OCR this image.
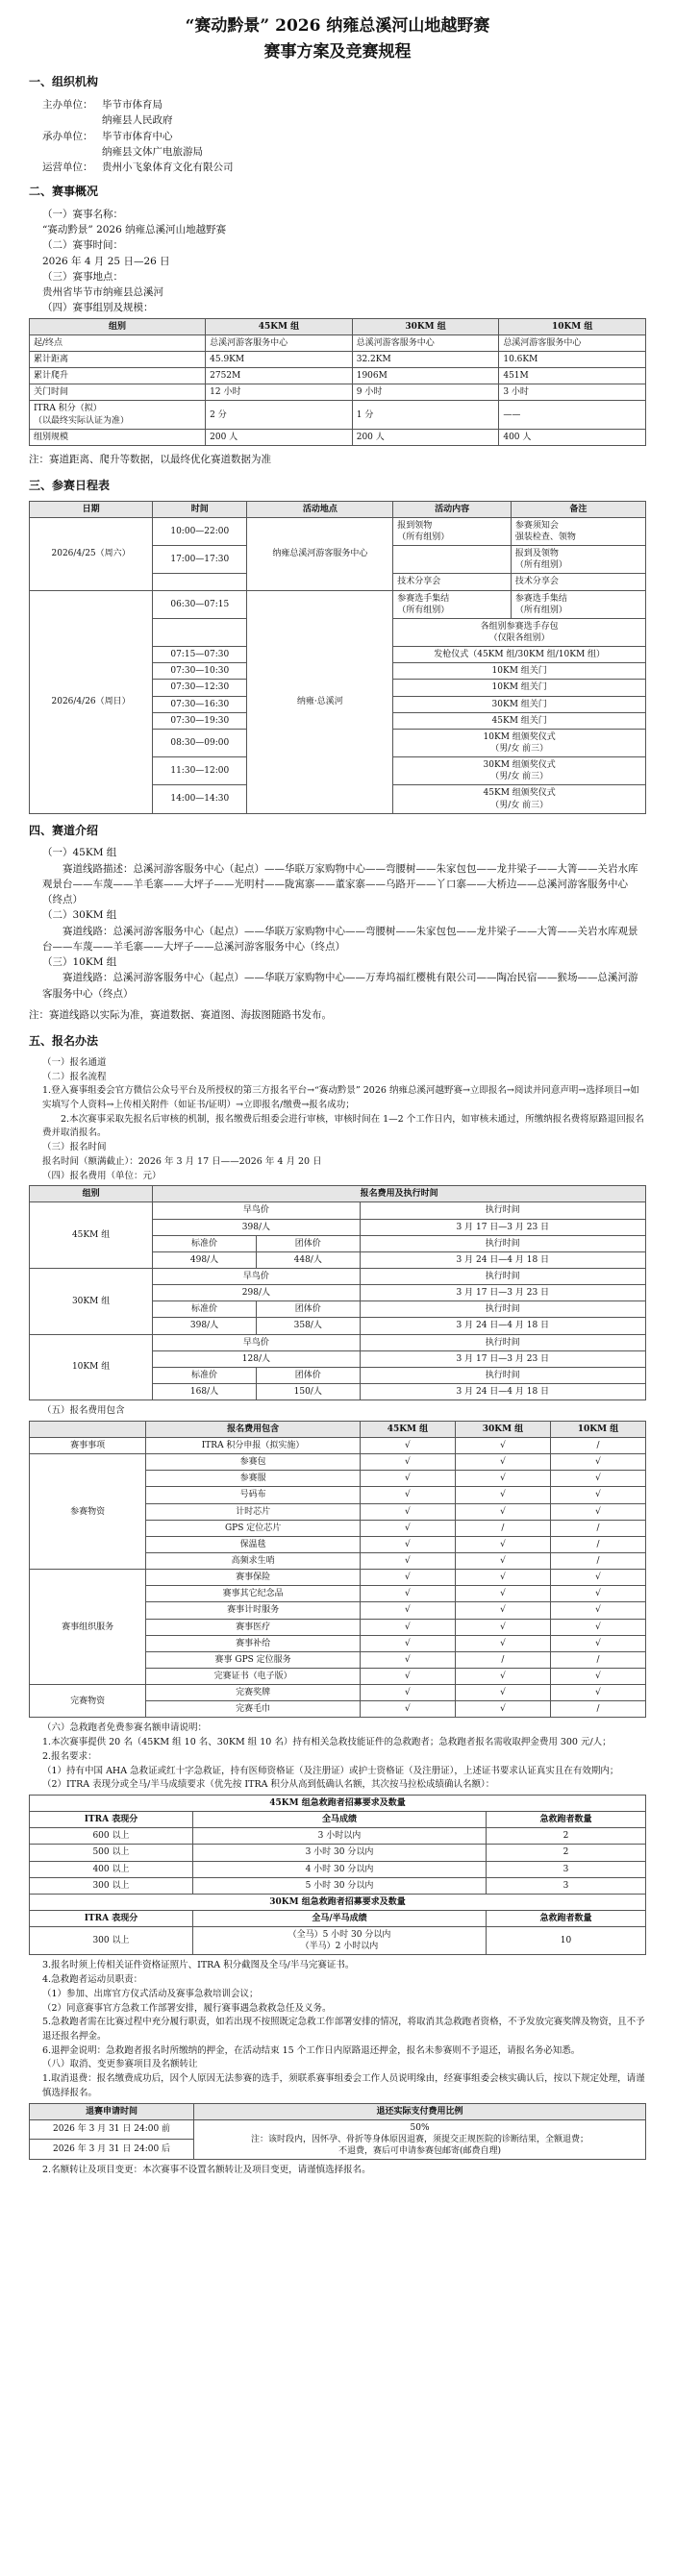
“赛动黔景” 2026 纳雍总溪河山地越野赛
赛事方案及竞赛规程
一、组织机构
主办单位： 毕节市体育局
纳雍县人民政府
承办单位： 毕节市体育中心
纳雍县文体广电旅游局
运营单位： 贵州小飞象体育文化有限公司
二、赛事概况

（一）赛事名称：

“赛动黔景” 2026 纳雍总溪河山地越野赛

（二）赛事时间：

2026 年 4 月 25 日—26 日

（三）赛事地点：

贵州省毕节市纳雍县总溪河

（四）赛事组别及规模：

组别	45KM 组	30KM 组	10KM 组
起/终点	总溪河游客服务中心	总溪河游客服务中心	总溪河游客服务中心
累计距离	45.9KM	32.2KM	10.6KM
累计爬升	2752M	1906M	451M
关门时间	12 小时	9 小时	3 小时
ITRA 积分（拟）
（以最终实际认证为准）	2 分	1 分	——
组别规模	200 人	200 人	400 人

注：赛道距离、爬升等数据，以最终优化赛道数据为准

三、参赛日程表
日期	时间	活动地点	活动内容	备注
2026/4/25（周六）	10:00—22:00	纳雍总溪河游客服务中心	报到领物
（所有组别）	参赛须知会
强装检查、领物
	17:00—17:30			报到及领物
（所有组别）
			技术分享会	技术分享会
2026/4/26（周日）	06:30—07:15	纳雍·总溪河	参赛选手集结
（所有组别）	参赛选手集结
（所有组别）
			各组别参赛选手存包
（仅限各组别）	
	07:15—07:30		发枪仪式（45KM 组/30KM 组/10KM 组）	
	07:30—10:30		10KM 组关门	
	07:30—12:30		10KM 组关门	
	07:30—16:30		30KM 组关门	
	07:30—19:30		45KM 组关门	
	08:30—09:00		10KM 组颁奖仪式
（男/女 前三）	
	11:30—12:00		30KM 组颁奖仪式
（男/女 前三）	
	14:00—14:30		45KM 组颁奖仪式
（男/女 前三）	
四、赛道介绍

（一）45KM 组

赛道线路描述：总溪河游客服务中心（起点）——华联万家购物中心——弯腰树——朱家包包——龙井梁子——大箐——关岩水库观景台——车蔑——羊毛寨——大坪子——光明村——陇寓寨——董家寨——乌路开——丫口寨——大桥边——总溪河游客服务中心（终点）

（二）30KM 组

赛道线路：总溪河游客服务中心（起点）——华联万家购物中心——弯腰树——朱家包包——龙井梁子——大箐——关岩水库观景台——车蔑——羊毛寨——大坪子——总溪河游客服务中心（终点）

（三）10KM 组

赛道线路：总溪河游客服务中心（起点）——华联万家购物中心——万寿坞福红樱桃有限公司——陶冶民宿——猴场——总溪河游客服务中心（终点）

注：赛道线路以实际为准，赛道数据、赛道图、海拔图随路书发布。

五、报名办法

（一）报名通道

（二）报名流程

1.登入赛事组委会官方微信公众号平台及所授权的第三方报名平台→“赛动黔景” 2026 纳雍总溪河越野赛→立即报名→阅读并同意声明→选择项目→如实填写个人资料→上传相关附件（如证书/证明）→立即报名/缴费→报名成功；

2.本次赛事采取先报名后审核的机制，报名缴费后组委会进行审核，审核时间在 1—2 个工作日内，如审核未通过，所缴纳报名费将原路退回报名费并取消报名。

（三）报名时间

报名时间（额满截止）：2026 年 3 月 17 日——2026 年 4 月 20 日

（四）报名费用（单位：元）

组别	报名费用及执行时间		
45KM 组	早鸟价		执行时间
	398/人		3 月 17 日—3 月 23 日
	标准价	团体价	执行时间
	498/人	448/人	3 月 24 日—4 月 18 日
30KM 组	早鸟价		执行时间
	298/人		3 月 17 日—3 月 23 日
	标准价	团体价	执行时间
	398/人	358/人	3 月 24 日—4 月 18 日
10KM 组	早鸟价		执行时间
	128/人		3 月 17 日—3 月 23 日
	标准价	团体价	执行时间
	168/人	150/人	3 月 24 日—4 月 18 日

（五）报名费用包含

	报名费用包含	45KM 组	30KM 组	10KM 组
赛事事项	ITRA 积分申报（拟实施）	√	√	/
参赛物资	参赛包	√	√	√
	参赛服	√	√	√
	号码布	√	√	√
	计时芯片	√	√	√
	GPS 定位芯片	√	/	/
	保温毯	√	√	/
	高频求生哨	√	√	/
赛事组织服务	赛事保险	√	√	√
	赛事其它纪念品	√	√	√
	赛事计时服务	√	√	√
	赛事医疗	√	√	√
	赛事补给	√	√	√
	赛事 GPS 定位服务	√	/	/
	完赛证书（电子版）	√	√	√
完赛物资	完赛奖牌	√	√	√
	完赛毛巾	√	√	/

（六）急救跑者免费参赛名额申请说明：

1.本次赛事提供 20 名（45KM 组 10 名、30KM 组 10 名）持有相关急救技能证件的急救跑者；急救跑者报名需收取押金费用 300 元/人；

2.报名要求：

（1）持有中国 AHA 急救证或红十字急救证，持有医师资格证（及注册证）或护士资格证（及注册证），上述证书要求认证真实且在有效期内；

（2）ITRA 表现分或全马/半马成绩要求（优先按 ITRA 积分从高到低确认名额，其次按马拉松成绩确认名额）：

45KM 组急救跑者招募要求及数量		
ITRA 表现分	全马成绩	急救跑者数量
600 以上	3 小时以内	2
500 以上	3 小时 30 分以内	2
400 以上	4 小时 30 分以内	3
300 以上	5 小时 30 分以内	3
30KM 组急救跑者招募要求及数量		
ITRA 表现分	全马/半马成绩	急救跑者数量
300 以上	（全马）5 小时 30 分以内
（半马）2 小时以内	10

3.报名时须上传相关证件资格证照片、ITRA 积分截图及全马/半马完赛证书。

4.急救跑者运动员职责：

（1）参加、出席官方仪式活动及赛事急救培训会议；

（2）同意赛事官方急救工作部署安排，履行赛事遇急救救急任及义务。

5.急救跑者需在比赛过程中充分履行职责，如若出现不按照既定急救工作部署安排的情况，将取消其急救跑者资格，不予发放完赛奖牌及物资，且不予退还报名押金。

6.退押金说明：急救跑者报名时所缴纳的押金，在活动结束 15 个工作日内原路退还押金，报名未参赛则不予退还，请报名务必知悉。

（八）取消、变更参赛项目及名额转让

1.取消退费：报名缴费成功后，因个人原因无法参赛的选手，须联系赛事组委会工作人员说明缘由，经赛事组委会核实确认后，按以下规定处理，请谨慎选择报名。

退赛申请时间	退还实际支付费用比例
2026 年 3 月 31 日 24:00 前	50%
注：该时段内，因怀孕、骨折等身体原因退赛，须提交正规医院的诊断结果，全额退费；
不退费，赛后可申请参赛包邮寄(邮费自理)
2026 年 3 月 31 日 24:00 后	

2.名额转让及项目变更：本次赛事不设置名额转让及项目变更，请谨慎选择报名。
